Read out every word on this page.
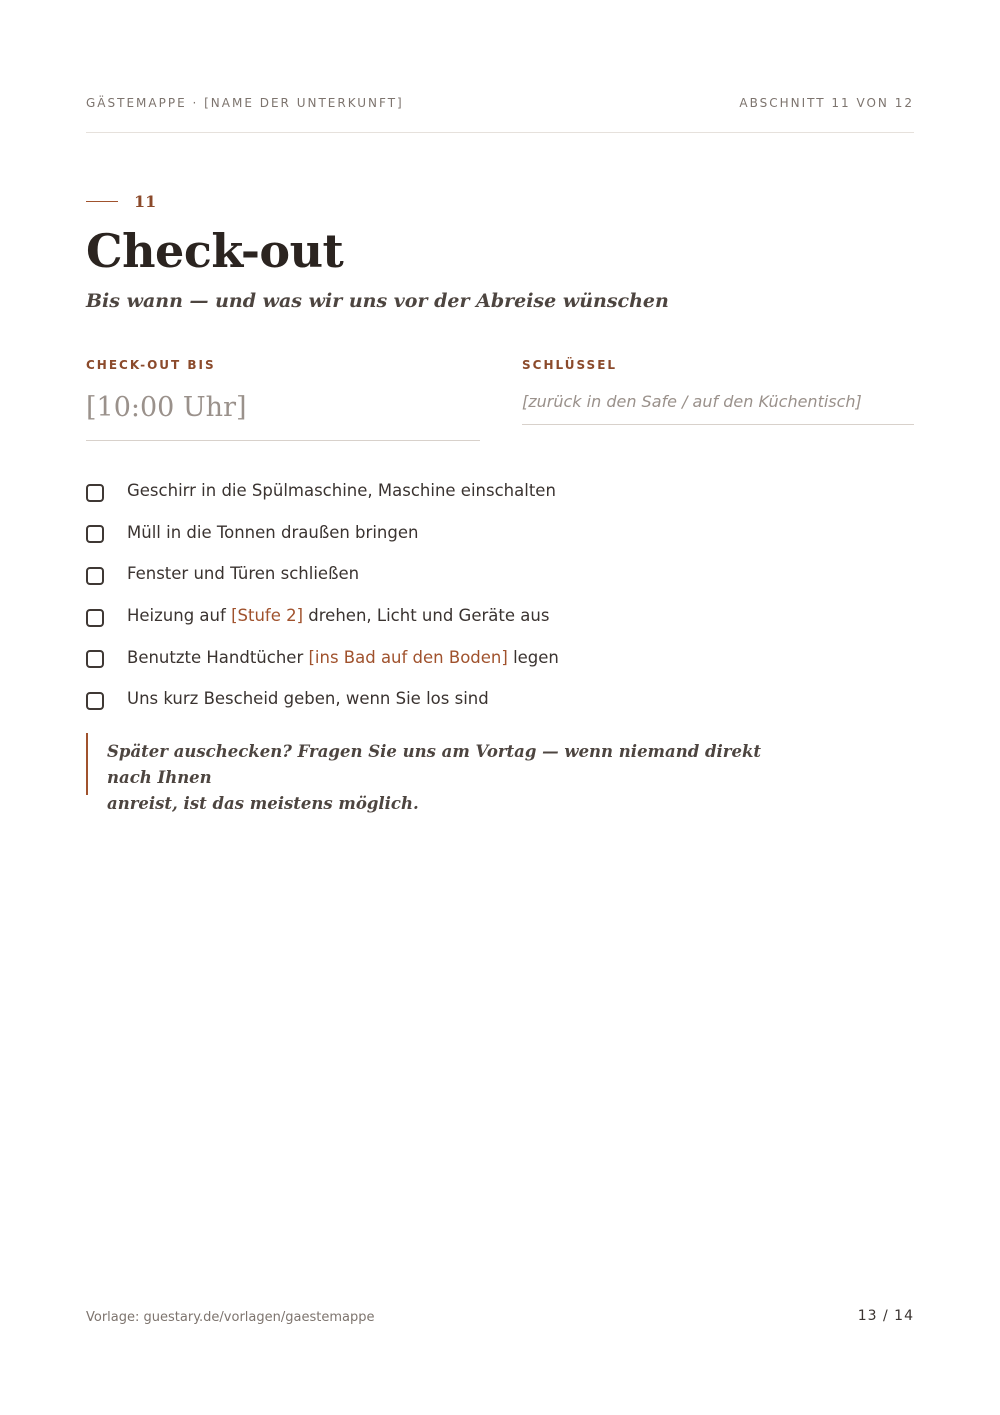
GÄSTEMAPPE · [NAME DER UNTERKUNFT]	ABSCHNITT 11 VON 12
11
Check-out

Bis wann — und was wir uns vor der Abreise wünschen

CHECK-OUT BIS
[10:00 Uhr]
SCHLÜSSEL
[zurück in den Safe / auf den Küchentisch]
Geschirr in die Spülmaschine, Maschine einschalten
Müll in die Tonnen draußen bringen
Fenster und Türen schließen
Heizung auf [Stufe 2] drehen, Licht und Geräte aus
Benutzte Handtücher [ins Bad auf den Boden] legen
Uns kurz Bescheid geben, wenn Sie los sind

Später auschecken? Fragen Sie uns am Vortag — wenn niemand direkt nach Ihnen
anreist, ist das meistens möglich.

Vorlage: guestary.de/vorlagen/gaestemappe	13 / 14
